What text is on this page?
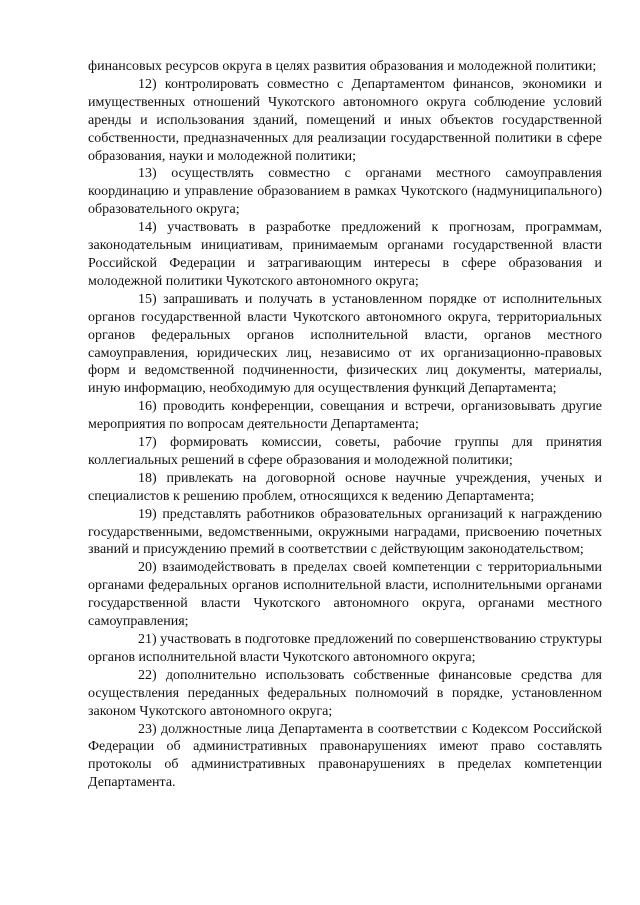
финансовых ресурсов округа в целях развития образования и молодежной политики;

12) контролировать совместно с Департаментом финансов, экономики и имущественных отношений Чукотского автономного округа соблюдение условий аренды и использования зданий, помещений и иных объектов государственной собственности, предназначенных для реализации государственной политики в сфере образования, науки и молодежной политики;

13) осуществлять совместно с органами местного самоуправления координацию и управление образованием в рамках Чукотского (надмуниципального) образовательного округа;

14) участвовать в разработке предложений к прогнозам, программам, законодательным инициативам, принимаемым органами государственной власти Российской Федерации и затрагивающим интересы в сфере образования и молодежной политики Чукотского автономного округа;

15) запрашивать и получать в установленном порядке от исполнительных органов государственной власти Чукотского автономного округа, территориальных органов федеральных органов исполнительной власти, органов местного самоуправления, юридических лиц, независимо от их организационно-правовых форм и ведомственной подчиненности, физических лиц документы, материалы, иную информацию, необходимую для осуществления функций Департамента;

16) проводить конференции, совещания и встречи, организовывать другие мероприятия по вопросам деятельности Департамента;

17) формировать комиссии, советы, рабочие группы для принятия коллегиальных решений в сфере образования и молодежной политики;

18) привлекать на договорной основе научные учреждения, ученых и специалистов к решению проблем, относящихся к ведению Департамента;

19) представлять работников образовательных организаций к награждению государственными, ведомственными, окружными наградами, присвоению почетных званий и присуждению премий в соответствии с действующим законодательством;

20) взаимодействовать в пределах своей компетенции с территориальными органами федеральных органов исполнительной власти, исполнительными органами государственной власти Чукотского автономного округа, органами местного самоуправления;

21) участвовать в подготовке предложений по совершенствованию структуры органов исполнительной власти Чукотского автономного округа;

22) дополнительно использовать собственные финансовые средства для осуществления переданных федеральных полномочий в порядке, установленном законом Чукотского автономного округа;

23) должностные лица Департамента в соответствии с Кодексом Российской Федерации об административных правонарушениях имеют право составлять протоколы об административных правонарушениях в пределах компетенции Департамента.
